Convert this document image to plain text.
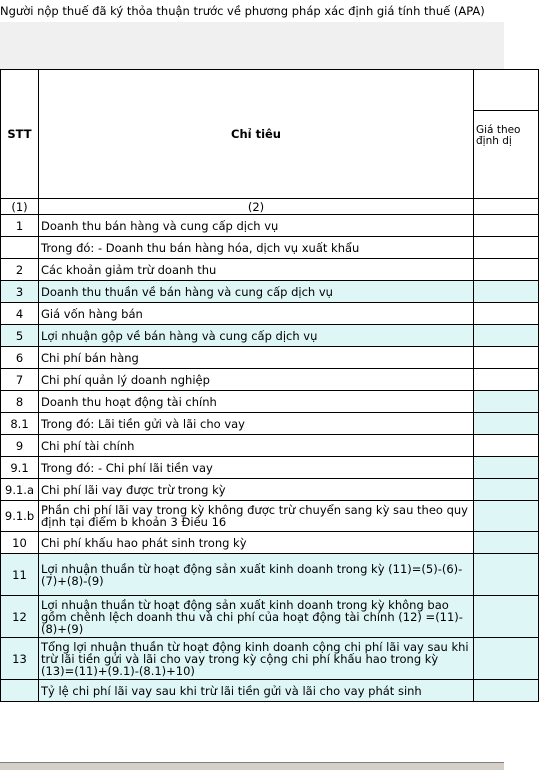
Người nộp thuế đã ký thỏa thuận trước về phương pháp xác định giá tính thuế (APA)
STT	Chỉ tiêu	
		Giá theo định dị
(1)	(2)	
1	Doanh thu bán hàng và cung cấp dịch vụ	
	Trong đó: - Doanh thu bán hàng hóa, dịch vụ xuất khẩu	
2	Các khoản giảm trừ doanh thu	
3	Doanh thu thuần về bán hàng và cung cấp dịch vụ	
4	Giá vốn hàng bán	
5	Lợi nhuận gộp về bán hàng và cung cấp dịch vụ	
6	Chi phí bán hàng	
7	Chi phí quản lý doanh nghiệp	
8	Doanh thu hoạt động tài chính	
8.1	Trong đó: Lãi tiền gửi và lãi cho vay	
9	Chi phí tài chính	
9.1	Trong đó: - Chi phí lãi tiền vay	
9.1.a	Chi phí lãi vay được trừ trong kỳ	
9.1.b	Phần chi phí lãi vay trong kỳ không được trừ chuyển sang kỳ sau theo quy định tại điểm b khoản 3 Điều 16	
10	Chi phí khấu hao phát sinh trong kỳ	
11	Lợi nhuận thuần từ hoạt động sản xuất kinh doanh trong kỳ (11)=(5)-(6)-(7)+(8)-(9)	
12	Lợi nhuận thuần từ hoạt động sản xuất kinh doanh trong kỳ không bao gồm chênh lệch doanh thu và chi phí của hoạt động tài chính (12) =(11)-(8)+(9)	
13	Tổng lợi nhuận thuần từ hoạt động kinh doanh cộng chi phí lãi vay sau khi trừ lãi tiền gửi và lãi cho vay trong kỳ cộng chi phí khấu hao trong kỳ (13)=(11)+(9.1)-(8.1)+10)	
	Tỷ lệ chi phí lãi vay sau khi trừ lãi tiền gửi và lãi cho vay phát sinh	
